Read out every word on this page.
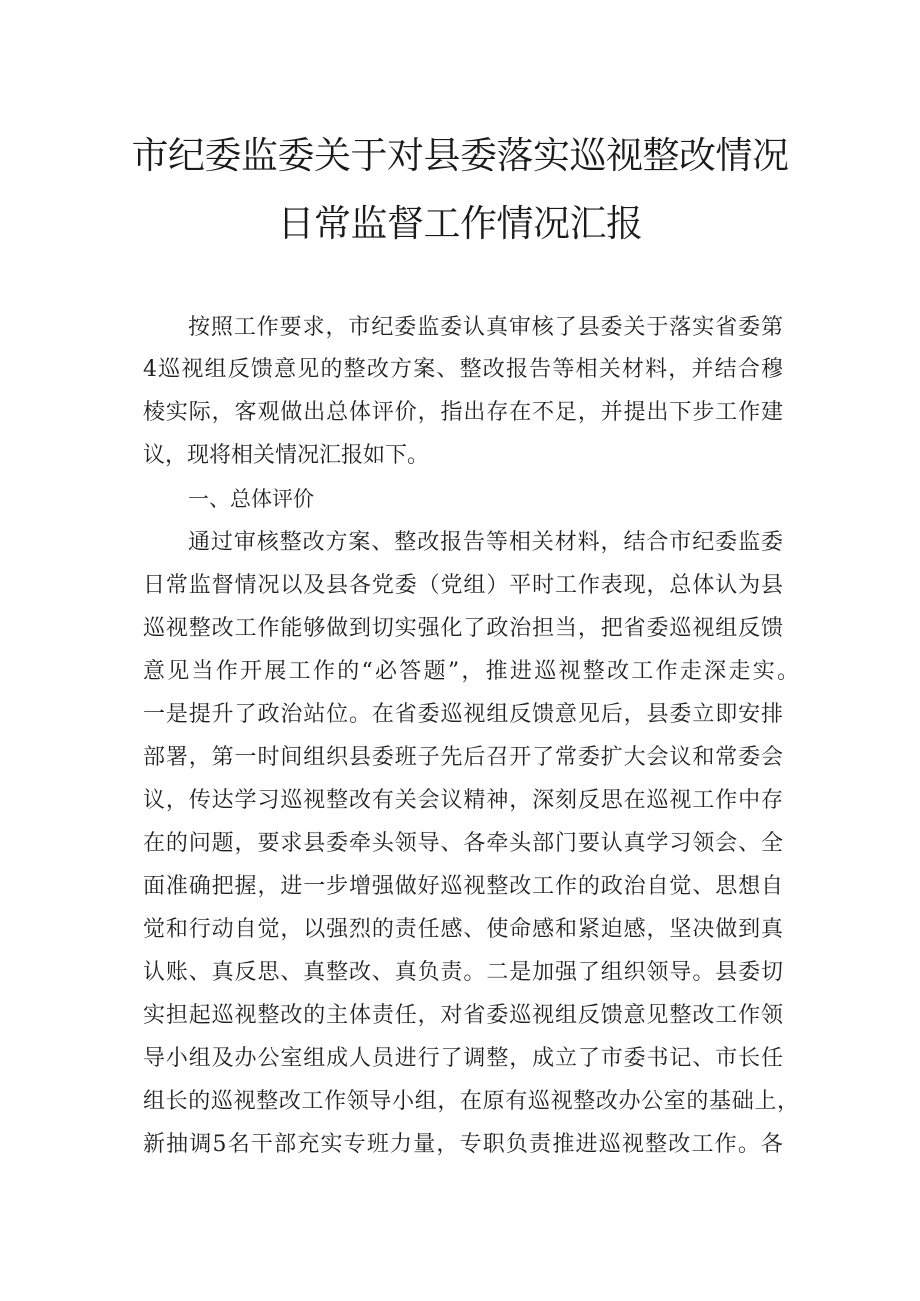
市纪委监委关于对县委落实巡视整改情况
日常监督工作情况汇报
按照工作要求，市纪委监委认真审核了县委关于落实省委第
4巡视组反馈意见的整改方案、整改报告等相关材料，并结合穆
棱实际，客观做出总体评价，指出存在不足，并提出下步工作建
议，现将相关情况汇报如下。
一、总体评价
通过审核整改方案、整改报告等相关材料，结合市纪委监委
日常监督情况以及县各党委（党组）平时工作表现，总体认为县
巡视整改工作能够做到切实强化了政治担当，把省委巡视组反馈
意见当作开展工作的“必答题”，推进巡视整改工作走深走实。
一是提升了政治站位。在省委巡视组反馈意见后，县委立即安排
部署，第一时间组织县委班子先后召开了常委扩大会议和常委会
议，传达学习巡视整改有关会议精神，深刻反思在巡视工作中存
在的问题，要求县委牵头领导、各牵头部门要认真学习领会、全
面准确把握，进一步增强做好巡视整改工作的政治自觉、思想自
觉和行动自觉，以强烈的责任感、使命感和紧迫感，坚决做到真
认账、真反思、真整改、真负责。二是加强了组织领导。县委切
实担起巡视整改的主体责任，对省委巡视组反馈意见整改工作领
导小组及办公室组成人员进行了调整，成立了市委书记、市长任
组长的巡视整改工作领导小组，在原有巡视整改办公室的基础上，
新抽调5名干部充实专班力量，专职负责推进巡视整改工作。各
